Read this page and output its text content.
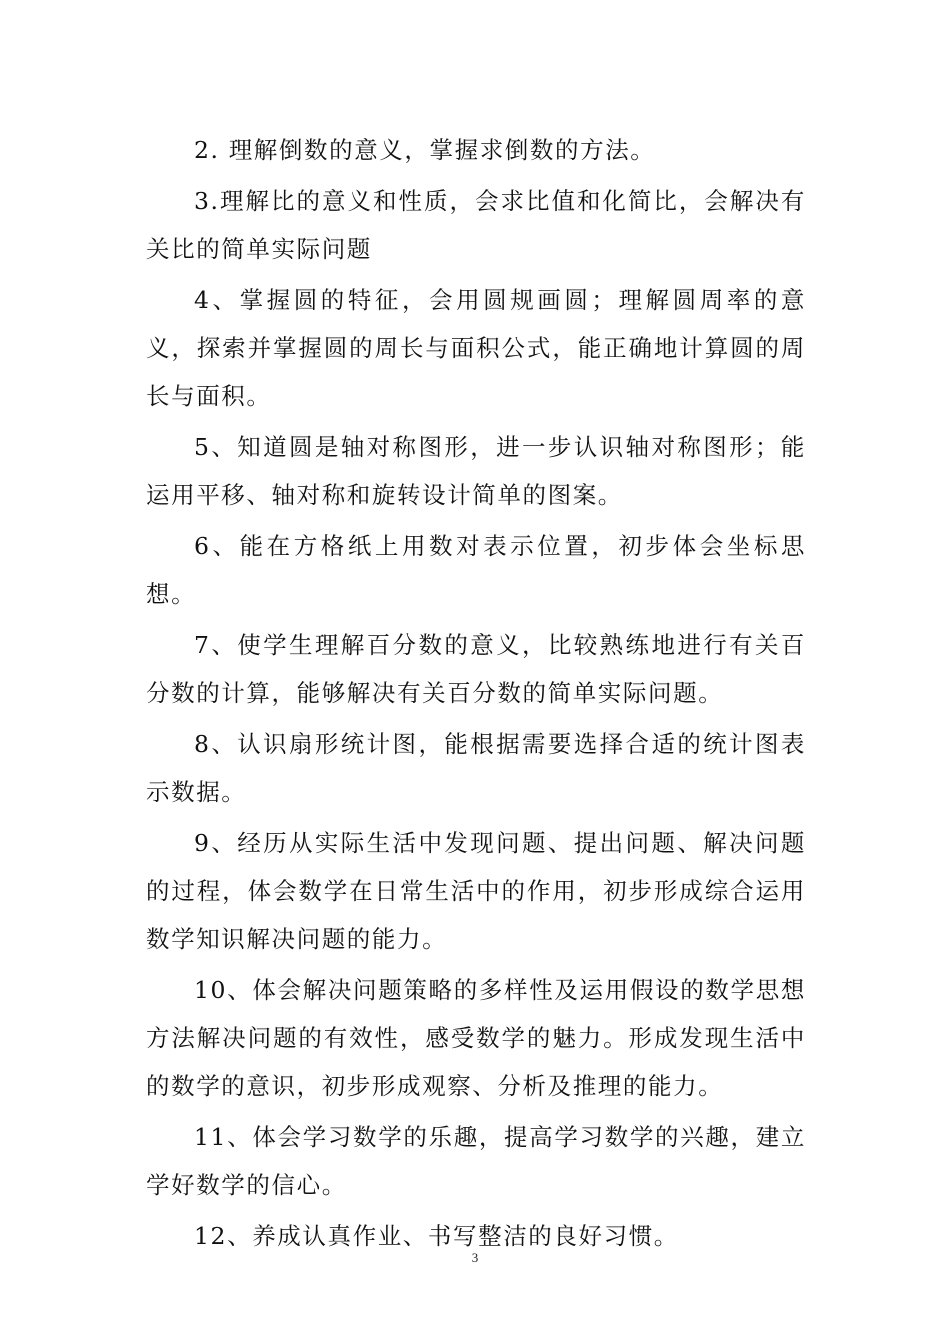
2. 理解倒数的意义，掌握求倒数的方法。

3.理解比的意义和性质，会求比值和化简比，会解决有关比的简单实际问题

4、掌握圆的特征，会用圆规画圆；理解圆周率的意义，探索并掌握圆的周长与面积公式，能正确地计算圆的周长与面积。

5、知道圆是轴对称图形，进一步认识轴对称图形；能运用平移、轴对称和旋转设计简单的图案。

6、能在方格纸上用数对表示位置，初步体会坐标思想。

7、使学生理解百分数的意义，比较熟练地进行有关百分数的计算，能够解决有关百分数的简单实际问题。

8、认识扇形统计图，能根据需要选择合适的统计图表示数据。

9、经历从实际生活中发现问题、提出问题、解决问题的过程，体会数学在日常生活中的作用，初步形成综合运用数学知识解决问题的能力。

10、体会解决问题策略的多样性及运用假设的数学思想方法解决问题的有效性，感受数学的魅力。形成发现生活中的数学的意识，初步形成观察、分析及推理的能力。

11、体会学习数学的乐趣，提高学习数学的兴趣，建立学好数学的信心。

12、养成认真作业、书写整洁的良好习惯。

3
